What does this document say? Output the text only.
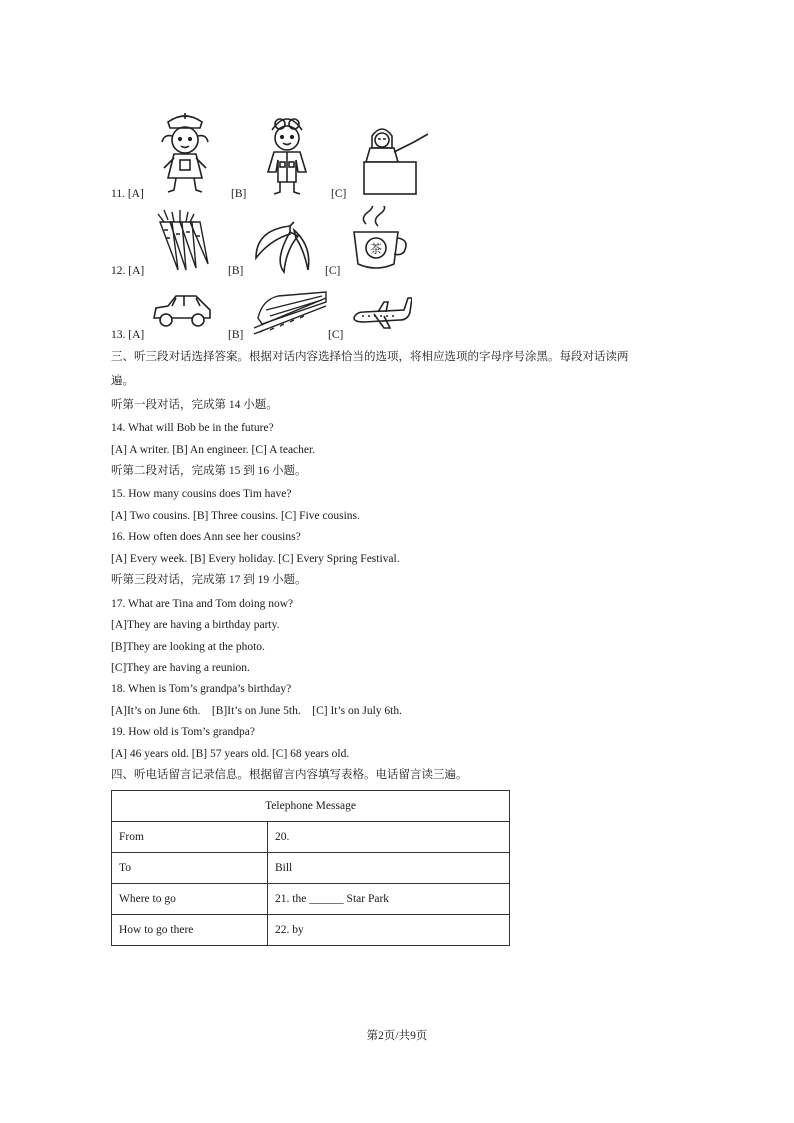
11. [A]	[B]	[C]
茶
12. [A]	[B]	[C]
13. [A]	[B]	[C]
三、听三段对话选择答案。根据对话内容选择恰当的选项，将相应选项的字母序号涂黑。每段对话读两
遍。
听第一段对话，完成第 14 小题。
14. What will Bob be in the future?
[A] A writer. [B] An engineer. [C] A teacher.
听第二段对话，完成第 15 到 16 小题。
15. How many cousins does Tim have?
[A] Two cousins. [B] Three cousins. [C] Five cousins.
16. How often does Ann see her cousins?
[A] Every week. [B] Every holiday. [C] Every Spring Festival.
听第三段对话，完成第 17 到 19 小题。
17. What are Tina and Tom doing now?
[A]They are having a birthday party.
[B]They are looking at the photo.
[C]They are having a reunion.
18. When is Tom’s grandpa’s birthday?
[A]It’s on June 6th.    [B]It’s on June 5th.    [C] It’s on July 6th.
19. How old is Tom’s grandpa?
[A] 46 years old. [B] 57 years old. [C] 68 years old.
四、听电话留言记录信息。根据留言内容填写表格。电话留言读三遍。
Telephone Message	
From	20.
To	Bill
Where to go	21. the ______ Star Park
How to go there	22. by
第2页/共9页
